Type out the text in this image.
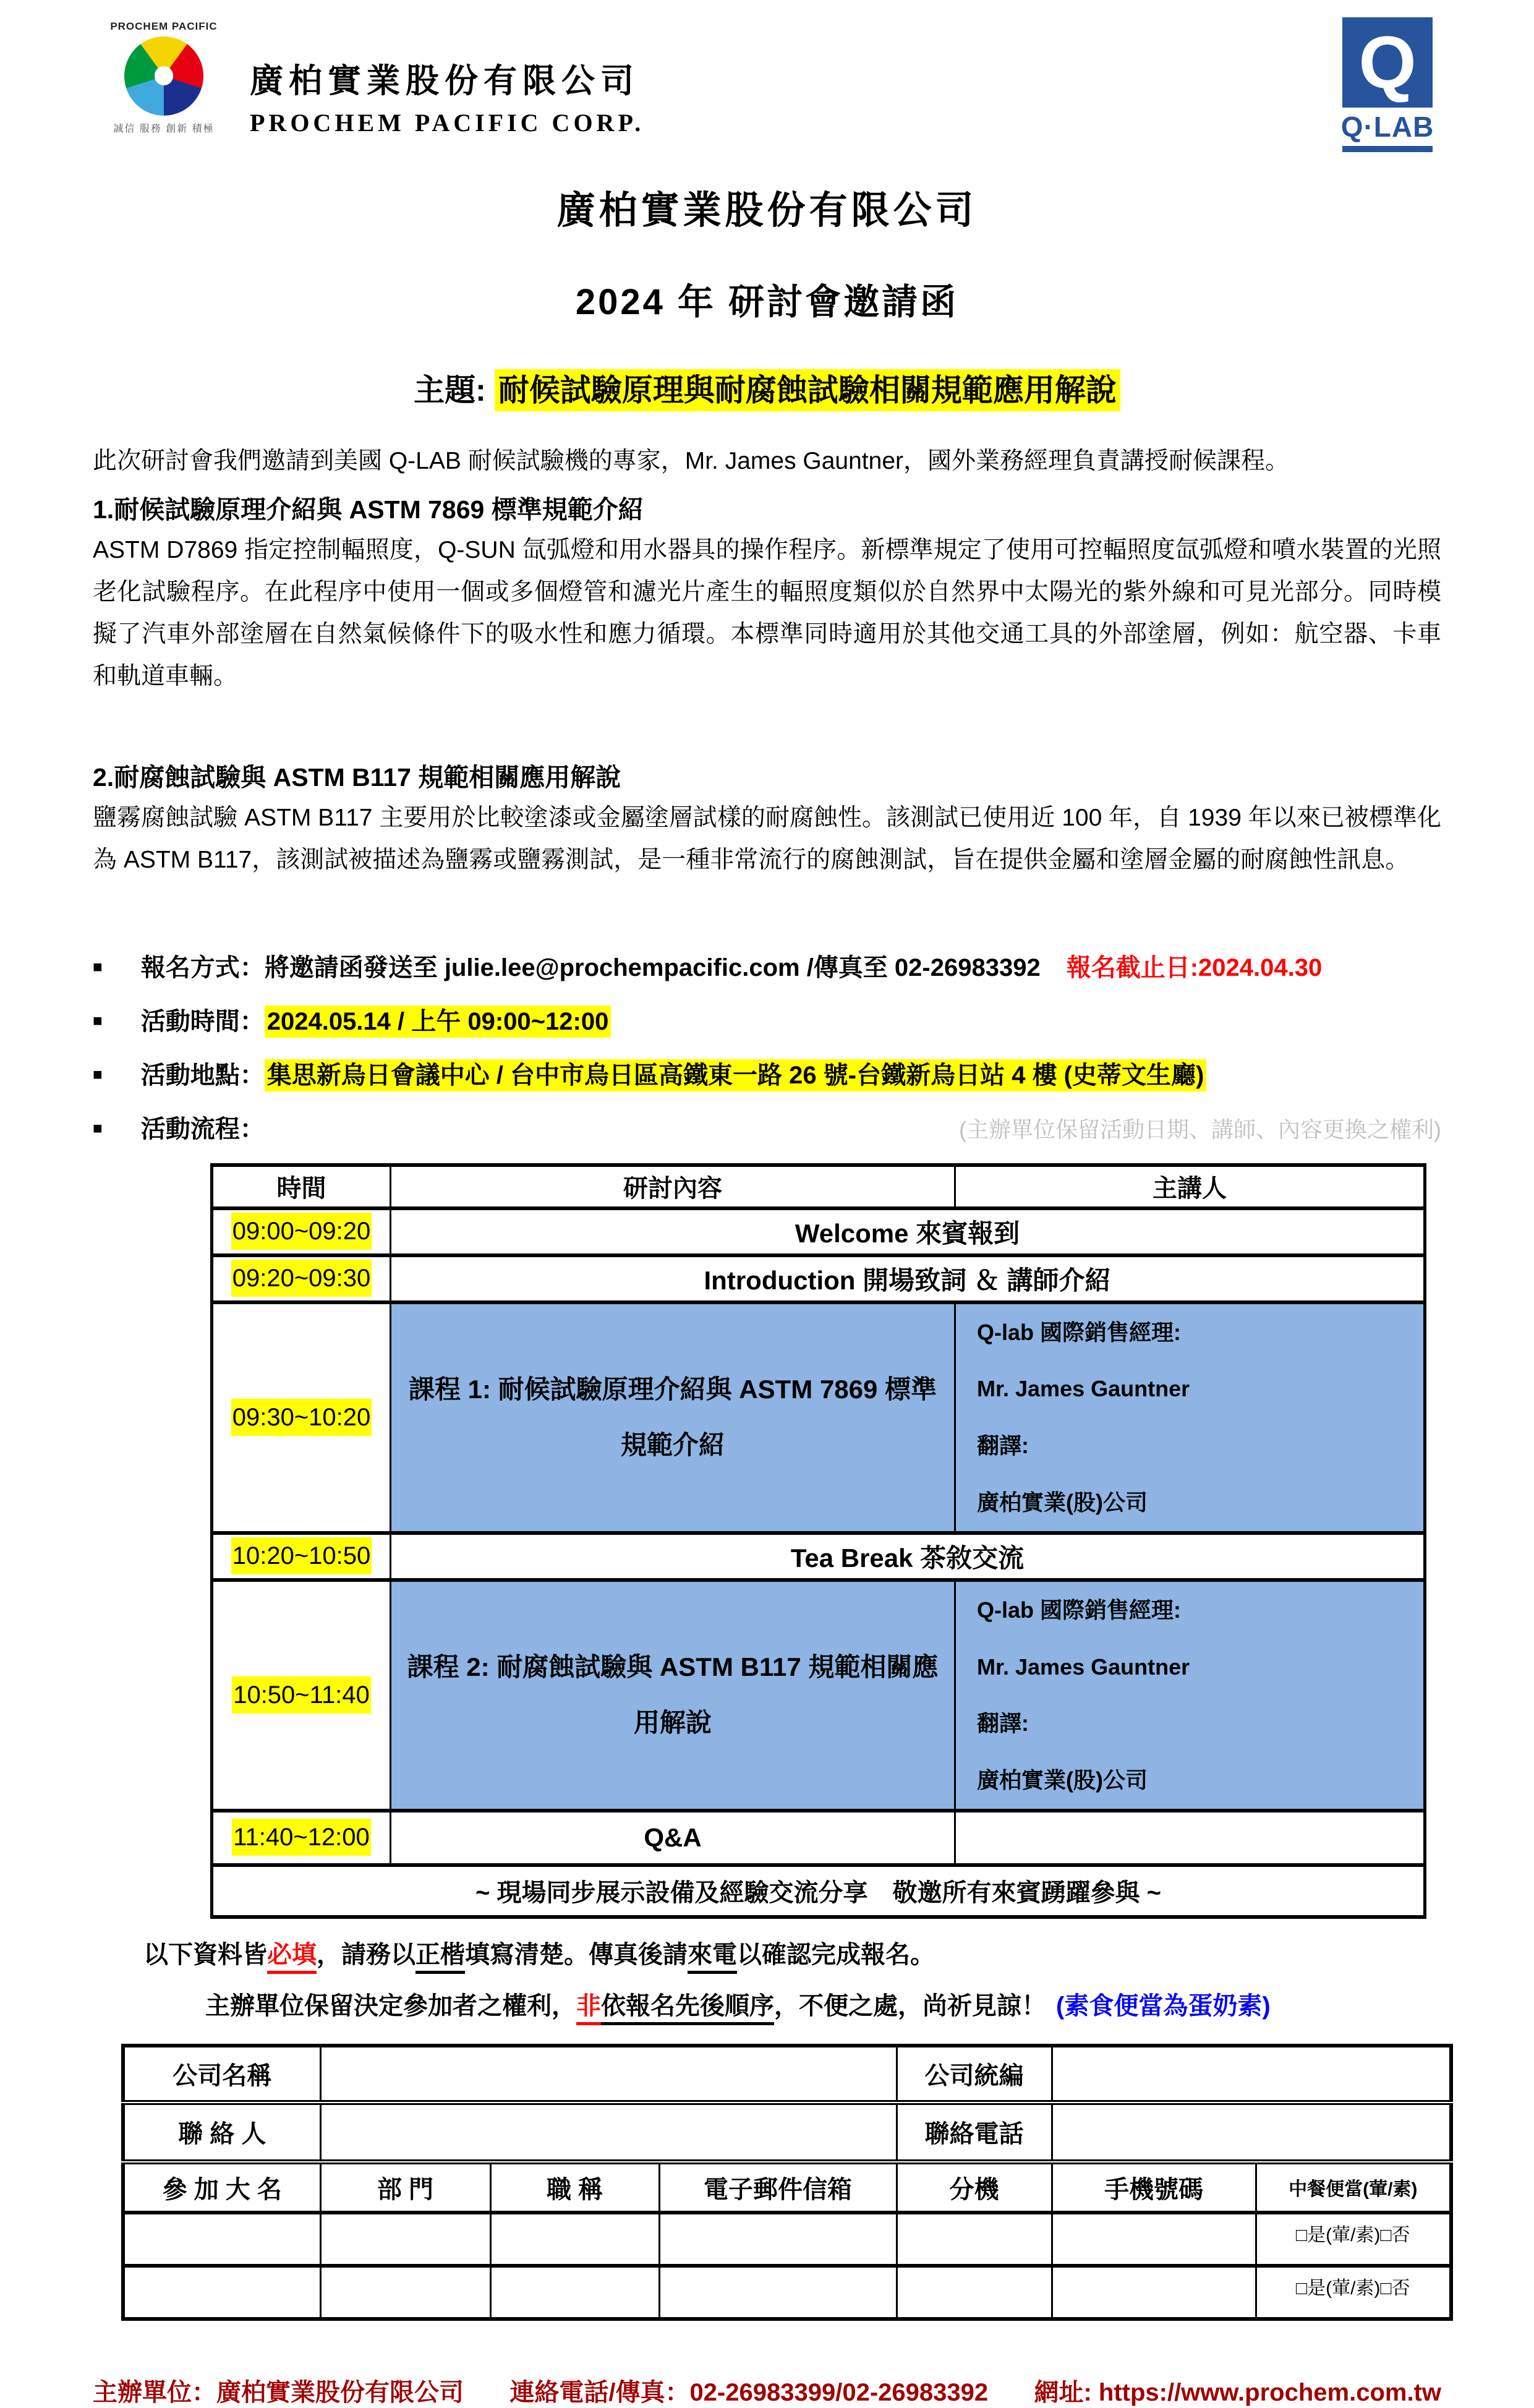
PROCHEM PACIFIC
誠信 服務 創新 積極
廣柏實業股份有限公司
PROCHEM PACIFIC CORP.
Q
Q·LAB
廣柏實業股份有限公司
2024 年 研討會邀請函
主題: 耐候試驗原理與耐腐蝕試驗相關規範應用解說

此次研討會我們邀請到美國 Q-LAB 耐候試驗機的專家，Mr. James Gauntner，國外業務經理負責講授耐候課程。

1.耐候試驗原理介紹與 ASTM 7869 標準規範介紹

ASTM D7869 指定控制輻照度，Q-SUN 氙弧燈和用水器具的操作程序。新標準規定了使用可控輻照度氙弧燈和噴水裝置的光照老化試驗程序。在此程序中使用一個或多個燈管和濾光片產生的輻照度類似於自然界中太陽光的紫外線和可見光部分。同時模擬了汽車外部塗層在自然氣候條件下的吸水性和應力循環。本標準同時適用於其他交通工具的外部塗層，例如：航空器、卡車和軌道車輛。

2.耐腐蝕試驗與 ASTM B117 規範相關應用解說

鹽霧腐蝕試驗 ASTM B117 主要用於比較塗漆或金屬塗層試樣的耐腐蝕性。該測試已使用近 100 年，自 1939 年以來已被標準化為 ASTM B117，該測試被描述為鹽霧或鹽霧測試，是一種非常流行的腐蝕測試，旨在提供金屬和塗層金屬的耐腐蝕性訊息。

■ 報名方式：將邀請函發送至 julie.lee@prochempacific.com /傳真至 02-26983392 報名截止日:2024.04.30
■ 活動時間： 2024.05.14 / 上午 09:00~12:00
■ 活動地點： 集思新烏日會議中心 / 台中市烏日區高鐵東一路 26 號-台鐵新烏日站 4 樓 (史蒂文生廳)
■ 活動流程：	(主辦單位保留活動日期、講師、內容更換之權利)
時間	研討內容	主講人
09:00~09:20	Welcome 來賓報到	
09:20~09:30	Introduction 開場致詞 ＆ 講師介紹	
09:30~10:20	課程 1: 耐候試驗原理介紹與 ASTM 7869 標準規範介紹	Q-lab 國際銷售經理:
Mr. James Gauntner
翻譯:
廣柏實業(股)公司

10:20~10:50	Tea Break 茶敘交流	
10:50~11:40	課程 2: 耐腐蝕試驗與 ASTM B117 規範相關應用解說	Q-lab 國際銷售經理:
Mr. James Gauntner
翻譯:
廣柏實業(股)公司

11:40~12:00	Q&A	
~ 現場同步展示設備及經驗交流分享　敬邀所有來賓踴躍參與 ~		
以下資料皆必填，請務以正楷填寫清楚。傳真後請來電以確認完成報名。
主辦單位保留決定參加者之權利，非依報名先後順序，不便之處，尚祈見諒！ (素食便當為蛋奶素)
公司名稱				公司統編		
聯 絡 人				聯絡電話		
參 加 大 名	部 門	職 稱	電子郵件信箱	分機	手機號碼	中餐便當(葷/素)
						□是(葷/素)□否
						□是(葷/素)□否
主辦單位：廣柏實業股份有限公司 連絡電話/傳真：02-26983399/02-26983392 網址: https://www.prochem.com.tw
